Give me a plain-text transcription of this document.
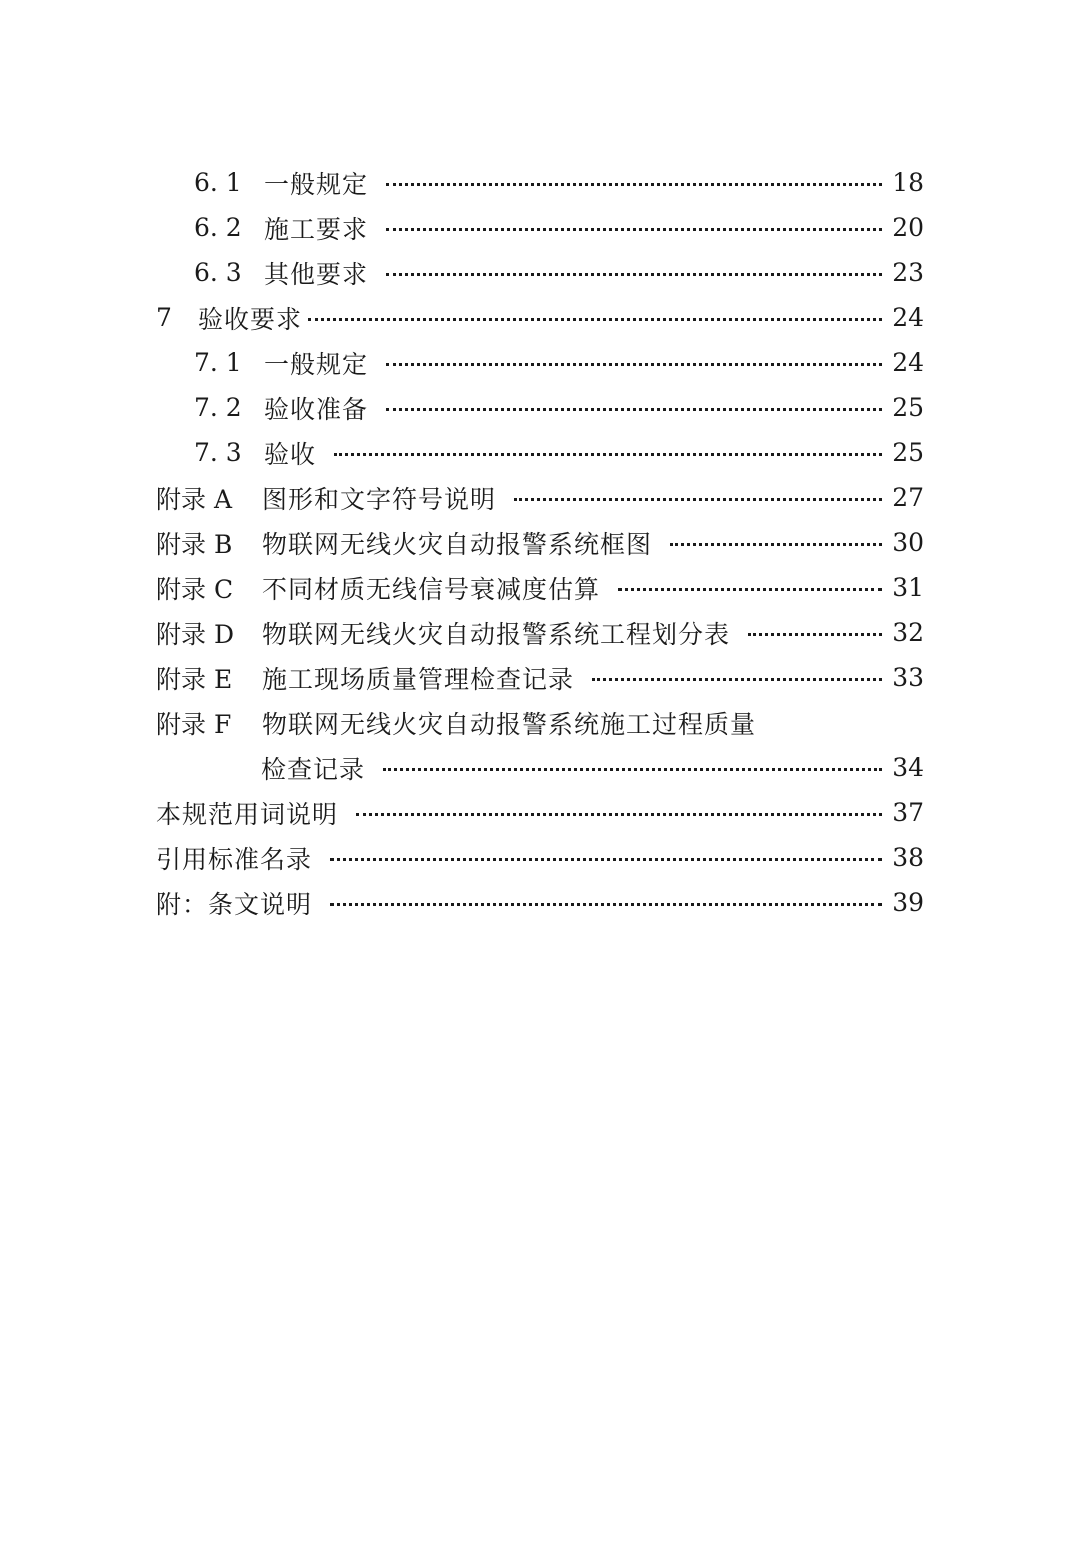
6. 1 一般规定	18
6. 2 施工要求	20
6. 3 其他要求	23
7	验收要求	24
7. 1 一般规定	24
7. 2 验收准备	25
7. 3 验收	25
附录 A	图形和文字符号说明	27
附录 B	物联网无线火灾自动报警系统框图	30
附录 C	不同材质无线信号衰减度估算	31
附录 D	物联网无线火灾自动报警系统工程划分表	32
附录 E	施工现场质量管理检查记录	33
附录 F	物联网无线火灾自动报警系统施工过程质量
检查记录	34
本规范用词说明	37
引用标准名录	38
附：条文说明	39
